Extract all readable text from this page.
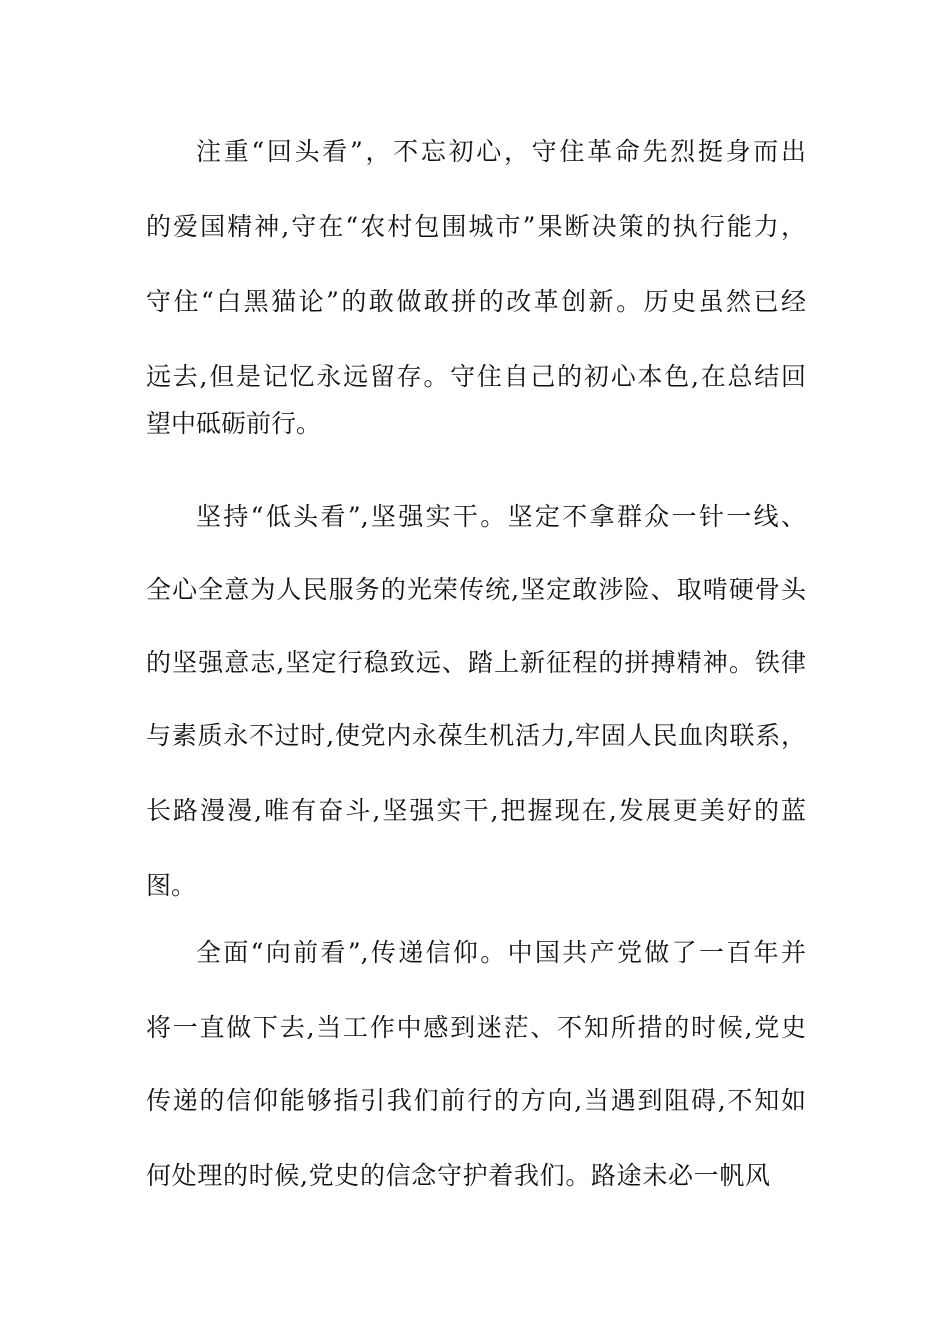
注重“回头看”，不忘初心，守住革命先烈挺身而出
的爱国精神,守在“农村包围城市”果断决策的执行能力，
守住“白黑猫论”的敢做敢拼的改革创新。历史虽然已经
远去,但是记忆永远留存。守住自己的初心本色,在总结回
望中砥砺前行。
坚持“低头看”,坚强实干。坚定不拿群众一针一线、
全心全意为人民服务的光荣传统,坚定敢涉险、取啃硬骨头
的坚强意志,坚定行稳致远、踏上新征程的拼搏精神。铁律
与素质永不过时,使党内永葆生机活力,牢固人民血肉联系，
长路漫漫,唯有奋斗,坚强实干,把握现在,发展更美好的蓝
图。
全面“向前看”,传递信仰。中国共产党做了一百年并
将一直做下去,当工作中感到迷茫、不知所措的时候,党史
传递的信仰能够指引我们前行的方向,当遇到阻碍,不知如
何处理的时候,党史的信念守护着我们。路途未必一帆风
